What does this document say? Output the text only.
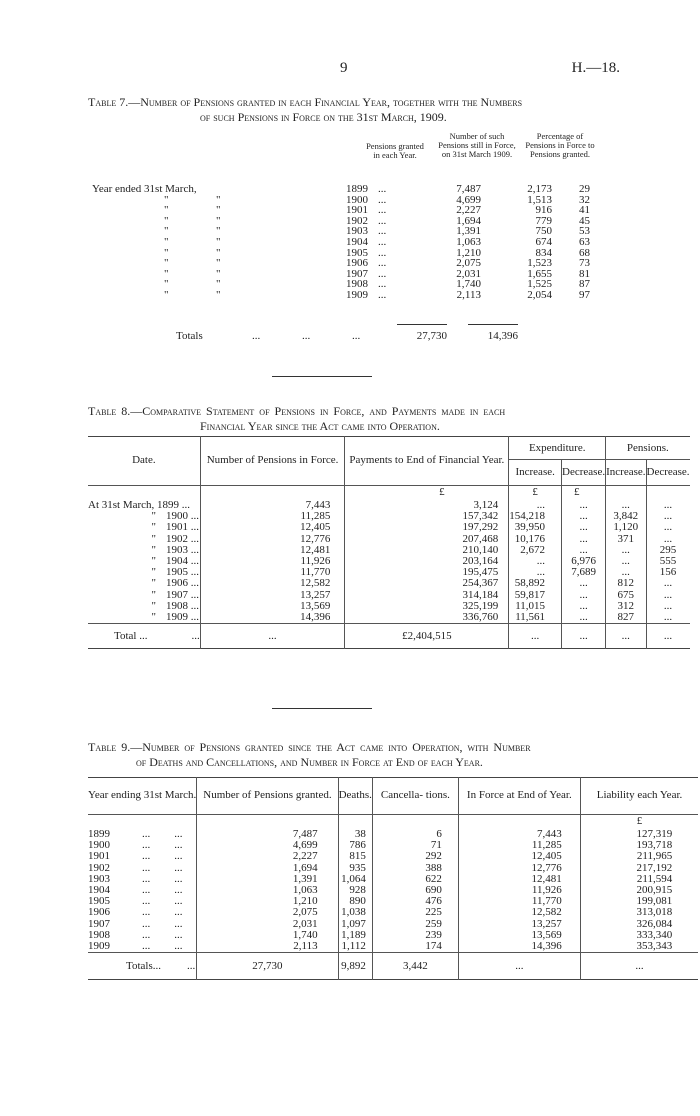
9	H.—18.
Table 7.—Number of Pensions granted in each Financial Year, together with the Numbers
of such Pensions in Force on the 31st March, 1909.
Pensions granted in each Year.
Number of such Pensions still in Force, on 31st March 1909.
Percentage of Pensions in Force to Pensions granted.
Year ended 31st March,		1899	...	7,487	2,173	29
"	"	1900	...	4,699	1,513	32
"	"	1901	...	2,227	916	41
"	"	1902	...	1,694	779	45
"	"	1903	...	1,391	750	53
"	"	1904	...	1,063	674	63
"	"	1905	...	1,210	834	68
"	"	1906	...	2,075	1,523	73
"	"	1907	...	2,031	1,655	81
"	"	1908	...	1,740	1,525	87
"	"	1909	...	2,113	2,054	97
Totals	...	...	...	27,730	14,396
Table 8.—Comparative Statement of Pensions in Force, and Payments made in each
Financial Year since the Act came into Operation.
Date.	Number of Pensions in Force.	Payments to End of Financial Year.	Expenditure.		Pensions.	
			Increase.	Decrease.	Increase.	Decrease.
		£	£	£		
At 31st March, 1899 ...	7,443	3,124	...	...	...	...
" 1900 ...	11,285	157,342	154,218	...	3,842	...
" 1901 ...	12,405	197,292	39,950	...	1,120	...
" 1902 ...	12,776	207,468	10,176	...	371	...
" 1903 ...	12,481	210,140	2,672	...	...	295
" 1904 ...	11,926	203,164	...	6,976	...	555
" 1905 ...	11,770	195,475	...	7,689	...	156
" 1906 ...	12,582	254,367	58,892	...	812	...
" 1907 ...	13,257	314,184	59,817	...	675	...
" 1908 ...	13,569	325,199	11,015	...	312	...
" 1909 ...	14,396	336,760	11,561	...	827	...
Total ... ...	...	£2,404,515	...	...	...	...
Table 9.—Number of Pensions granted since the Act came into Operation, with Number
of Deaths and Cancellations, and Number in Force at End of each Year.
Year ending 31st March.	Number of Pensions granted.	Deaths.	Cancella- tions.	In Force at End of Year.	Liability each Year.
					£
1899 ... ...	7,487	38	6	7,443	127,319
1900 ... ...	4,699	786	71	11,285	193,718
1901 ... ...	2,227	815	292	12,405	211,965
1902 ... ...	1,694	935	388	12,776	217,192
1903 ... ...	1,391	1,064	622	12,481	211,594
1904 ... ...	1,063	928	690	11,926	200,915
1905 ... ...	1,210	890	476	11,770	199,081
1906 ... ...	2,075	1,038	225	12,582	313,018
1907 ... ...	2,031	1,097	259	13,257	326,084
1908 ... ...	1,740	1,189	239	13,569	333,340
1909 ... ...	2,113	1,112	174	14,396	353,343
Totals... ...	27,730	9,892	3,442	...	...
